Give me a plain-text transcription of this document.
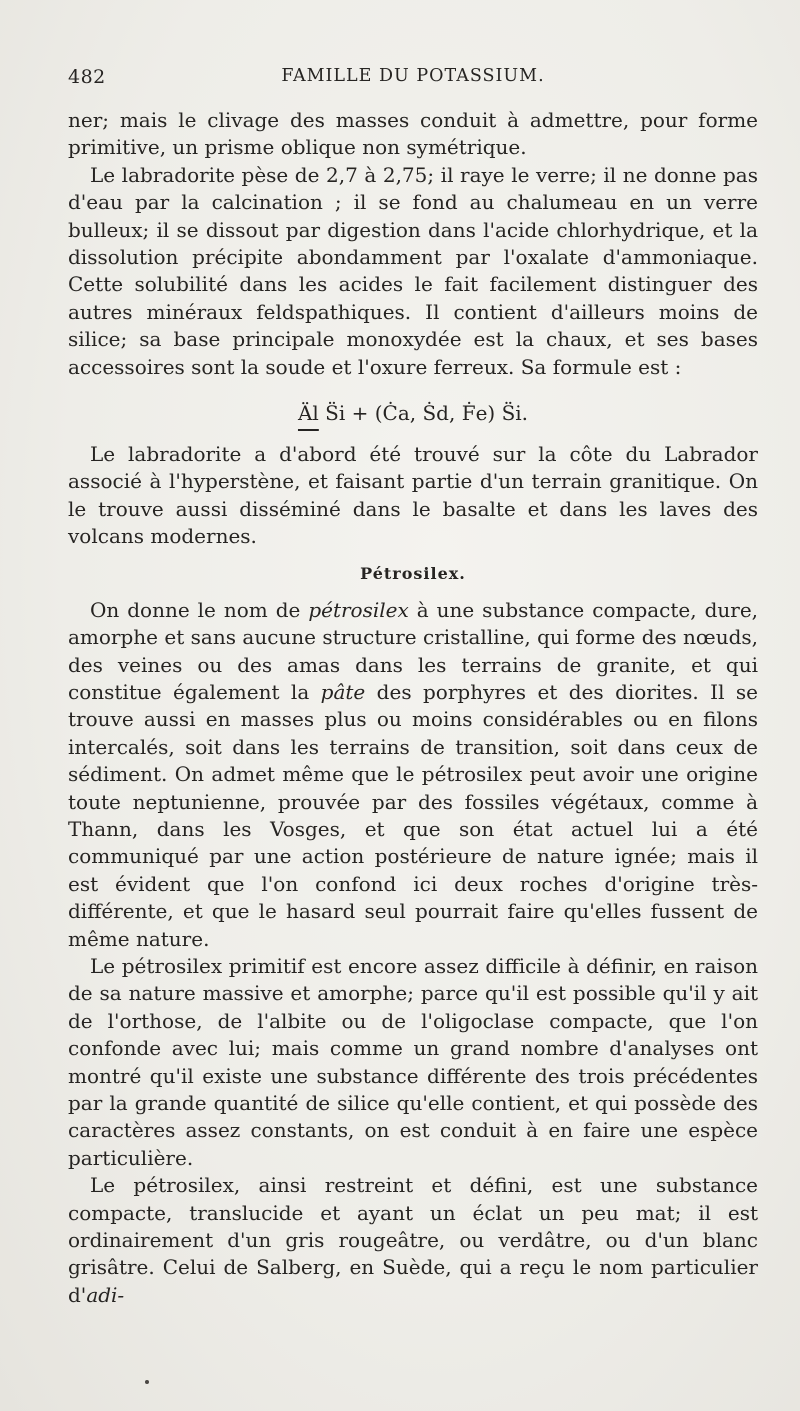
482	FAMILLE DU POTASSIUM.

ner; mais le clivage des masses conduit à admettre, pour forme primitive, un prisme oblique non symétrique.

Le labradorite pèse de 2,7 à 2,75; il raye le verre; il ne donne pas d'eau par la calcination ; il se fond au chalumeau en un verre bulleux; il se dissout par digestion dans l'acide chlorhydrique, et la dissolution précipite abondamment par l'oxalate d'ammoniaque. Cette solubilité dans les acides le fait facilement distinguer des autres minéraux feldspathiques. Il contient d'ailleurs moins de silice; sa base principale monoxydée est la chaux, et ses bases accessoires sont la soude et l'oxure ferreux. Sa formule est :

Äl S̈i + (Ċa, Ṡd, Ḟe) S̈i.

Le labradorite a d'abord été trouvé sur la côte du Labrador associé à l'hyperstène, et faisant partie d'un terrain granitique. On le trouve aussi disséminé dans le basalte et dans les laves des volcans modernes.

Pétrosilex.

On donne le nom de pétrosilex à une substance compacte, dure, amorphe et sans aucune structure cristalline, qui forme des nœuds, des veines ou des amas dans les terrains de granite, et qui constitue également la pâte des porphyres et des diorites. Il se trouve aussi en masses plus ou moins considérables ou en filons intercalés, soit dans les terrains de transition, soit dans ceux de sédiment. On admet même que le pétrosilex peut avoir une origine toute neptunienne, prouvée par des fossiles végétaux, comme à Thann, dans les Vosges, et que son état actuel lui a été communiqué par une action postérieure de nature ignée; mais il est évident que l'on confond ici deux roches d'origine très-différente, et que le hasard seul pourrait faire qu'elles fussent de même nature.

Le pétrosilex primitif est encore assez difficile à définir, en raison de sa nature massive et amorphe; parce qu'il est possible qu'il y ait de l'orthose, de l'albite ou de l'oligoclase compacte, que l'on confonde avec lui; mais comme un grand nombre d'analyses ont montré qu'il existe une substance différente des trois précédentes par la grande quantité de silice qu'elle contient, et qui possède des caractères assez constants, on est conduit à en faire une espèce particulière.

Le pétrosilex, ainsi restreint et défini, est une substance compacte, translucide et ayant un éclat un peu mat; il est ordinairement d'un gris rougeâtre, ou verdâtre, ou d'un blanc grisâtre. Celui de Salberg, en Suède, qui a reçu le nom particulier d'adi-
